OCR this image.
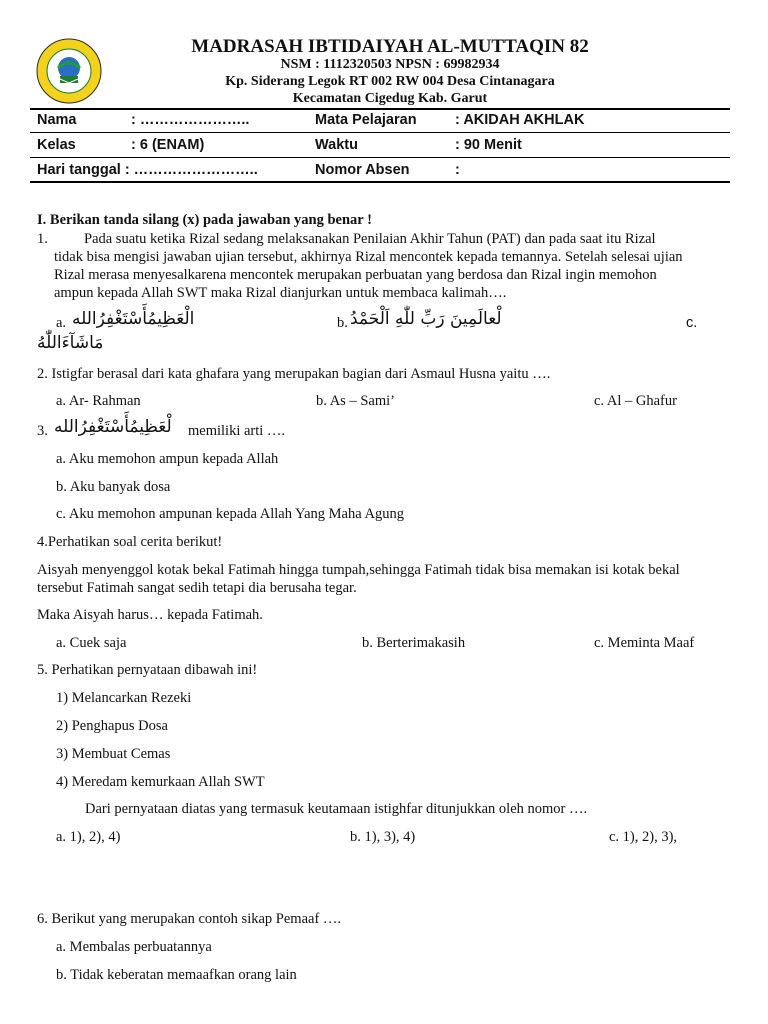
MADRASAH IBTIDAIYAH AL-MUTTAQIN 82
NSM : 1112320503 NPSN : 69982934
Kp. Siderang Legok RT 002 RW 004 Desa Cintanagara
Kecamatan Cigedug Kab. Garut
Nama	: …………………..	Mata Pelajaran	: AKIDAH AKHLAK
Kelas	: 6 (ENAM)	Waktu	: 90 Menit
Hari tanggal : ……………………..	Nomor Absen	:
I. Berikan tanda silang (x) pada jawaban yang benar !
1. Pada suatu ketika Rizal sedang melaksanakan Penilaian Akhir Tahun (PAT) dan pada saat itu Rizal
tidak bisa mengisi jawaban ujian tersebut, akhirnya Rizal mencontek kepada temannya. Setelah selesai ujian
Rizal merasa menyesalkarena mencontek merupakan perbuatan yang berdosa dan Rizal ingin memohon
ampun kepada Allah SWT maka Rizal dianjurkan untuk membaca kalimah….
a. الْعَظِيمُأَسْتَغْفِرُالله	b. لْعالَمِينَ رَبِّ للّٰهِ اَلْحَمْدُ	c.
مَاشَآءَاللّٰهُ
2. Istigfar berasal dari kata ghafara yang merupakan bagian dari Asmaul Husna yaitu ….
a. Ar- Rahman	b. As – Sami’	c. Al – Ghafur
3. لْعَظِيمُأَسْتَغْفِرُالله memiliki arti ….
a. Aku memohon ampun kepada Allah
b. Aku banyak dosa
c. Aku memohon ampunan kepada Allah Yang Maha Agung
4.Perhatikan soal cerita berikut!
Aisyah menyenggol kotak bekal Fatimah hingga tumpah,sehingga Fatimah tidak bisa memakan isi kotak bekal
tersebut Fatimah sangat sedih tetapi dia berusaha tegar.
Maka Aisyah harus… kepada Fatimah.
a. Cuek saja	b. Berterimakasih	c. Meminta Maaf
5. Perhatikan pernyataan dibawah ini!
1) Melancarkan Rezeki
2) Penghapus Dosa
3) Membuat Cemas
4) Meredam kemurkaan Allah SWT
Dari pernyataan diatas yang termasuk keutamaan istighfar ditunjukkan oleh nomor ….
a. 1), 2), 4)	b. 1), 3), 4)	c. 1), 2), 3),
6. Berikut yang merupakan contoh sikap Pemaaf ….
a. Membalas perbuatannya
b. Tidak keberatan memaafkan orang lain
